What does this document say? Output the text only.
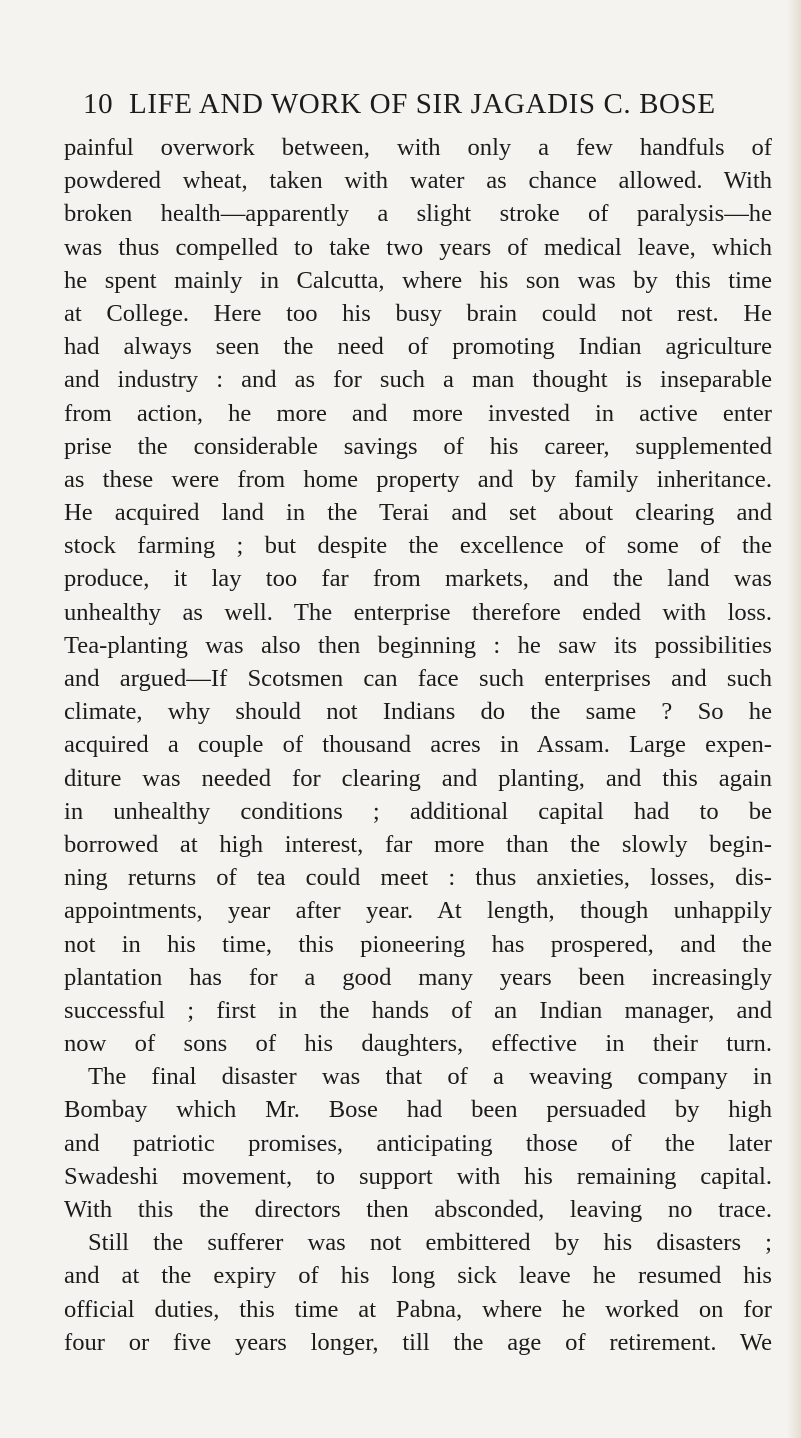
10 LIFE AND WORK OF SIR JAGADIS C. BOSE
painful overwork between, with only a few handfuls of
powdered wheat, taken with water as chance allowed. With
broken health—apparently a slight stroke of paralysis—he
was thus compelled to take two years of medical leave, which
he spent mainly in Calcutta, where his son was by this time
at College. Here too his busy brain could not rest. He
had always seen the need of promoting Indian agriculture
and industry : and as for such a man thought is inseparable
from action, he more and more invested in active enter
prise the considerable savings of his career, supplemented
as these were from home property and by family inheritance.
He acquired land in the Terai and set about clearing and
stock farming ; but despite the excellence of some of the
produce, it lay too far from markets, and the land was
unhealthy as well. The enterprise therefore ended with loss.
Tea-planting was also then beginning : he saw its possibilities
and argued—If Scotsmen can face such enterprises and such
climate, why should not Indians do the same ? So he
acquired a couple of thousand acres in Assam. Large expen-
diture was needed for clearing and planting, and this again
in unhealthy conditions ; additional capital had to be
borrowed at high interest, far more than the slowly begin-
ning returns of tea could meet : thus anxieties, losses, dis-
appointments, year after year. At length, though unhappily
not in his time, this pioneering has prospered, and the
plantation has for a good many years been increasingly
successful ; first in the hands of an Indian manager, and
now of sons of his daughters, effective in their turn.
The final disaster was that of a weaving company in
Bombay which Mr. Bose had been persuaded by high
and patriotic promises, anticipating those of the later
Swadeshi movement, to support with his remaining capital.
With this the directors then absconded, leaving no trace.
Still the sufferer was not embittered by his disasters ;
and at the expiry of his long sick leave he resumed his
official duties, this time at Pabna, where he worked on for
four or five years longer, till the age of retirement. We
